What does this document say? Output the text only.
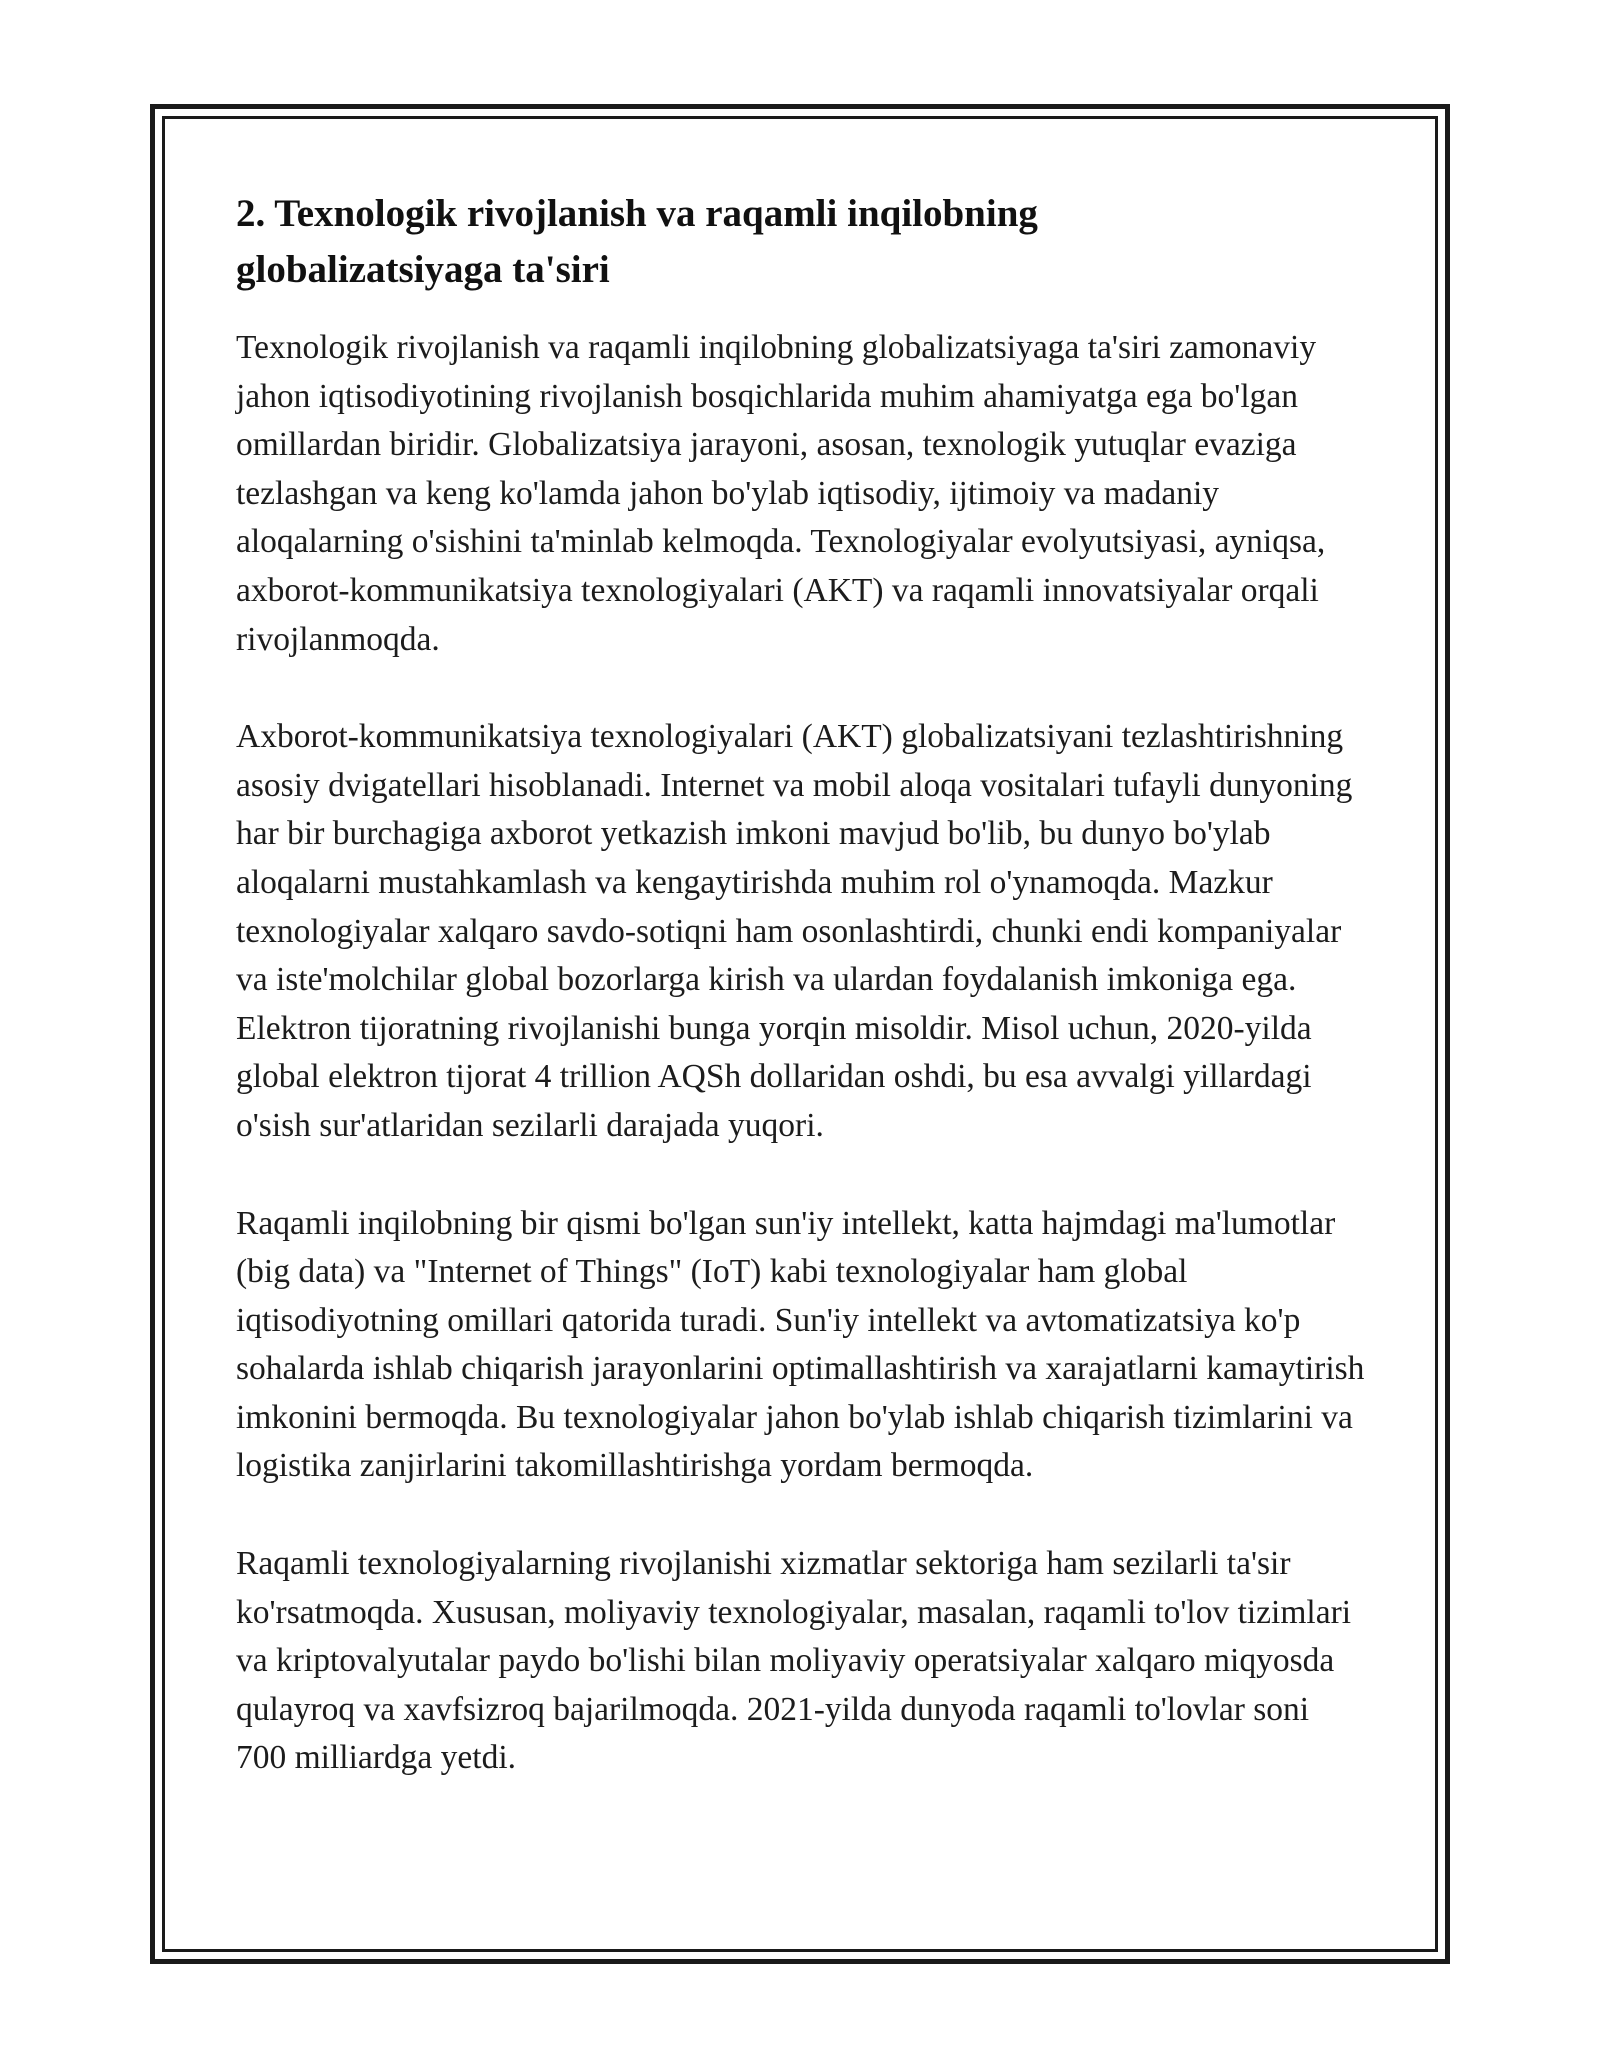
2. Texnologik rivojlanish va raqamli inqilobning globalizatsiyaga ta'siri

Texnologik rivojlanish va raqamli inqilobning globalizatsiyaga ta'siri zamonaviy jahon iqtisodiyotining rivojlanish bosqichlarida muhim ahamiyatga ega bo'lgan omillardan biridir. Globalizatsiya jarayoni, asosan, texnologik yutuqlar evaziga tezlashgan va keng ko'lamda jahon bo'ylab iqtisodiy, ijtimoiy va madaniy aloqalarning o'sishini ta'minlab kelmoqda. Texnologiyalar evolyutsiyasi, ayniqsa, axborot-kommunikatsiya texnologiyalari (AKT) va raqamli innovatsiyalar orqali rivojlanmoqda.

Axborot-kommunikatsiya texnologiyalari (AKT) globalizatsiyani tezlashtirishning asosiy dvigatellari hisoblanadi. Internet va mobil aloqa vositalari tufayli dunyoning har bir burchagiga axborot yetkazish imkoni mavjud bo'lib, bu dunyo bo'ylab aloqalarni mustahkamlash va kengaytirishda muhim rol o'ynamoqda. Mazkur texnologiyalar xalqaro savdo-sotiqni ham osonlashtirdi, chunki endi kompaniyalar va iste'molchilar global bozorlarga kirish va ulardan foydalanish imkoniga ega. Elektron tijoratning rivojlanishi bunga yorqin misoldir. Misol uchun, 2020-yilda global elektron tijorat 4 trillion AQSh dollaridan oshdi, bu esa avvalgi yillardagi o'sish sur'atlaridan sezilarli darajada yuqori.

Raqamli inqilobning bir qismi bo'lgan sun'iy intellekt, katta hajmdagi ma'lumotlar (big data) va "Internet of Things" (IoT) kabi texnologiyalar ham global iqtisodiyotning omillari qatorida turadi. Sun'iy intellekt va avtomatizatsiya ko'p sohalarda ishlab chiqarish jarayonlarini optimallashtirish va xarajatlarni kamaytirish imkonini bermoqda. Bu texnologiyalar jahon bo'ylab ishlab chiqarish tizimlarini va logistika zanjirlarini takomillashtirishga yordam bermoqda.

Raqamli texnologiyalarning rivojlanishi xizmatlar sektoriga ham sezilarli ta'sir ko'rsatmoqda. Xususan, moliyaviy texnologiyalar, masalan, raqamli to'lov tizimlari va kriptovalyutalar paydo bo'lishi bilan moliyaviy operatsiyalar xalqaro miqyosda qulayroq va xavfsizroq bajarilmoqda. 2021-yilda dunyoda raqamli to'lovlar soni 700 milliardga yetdi.
